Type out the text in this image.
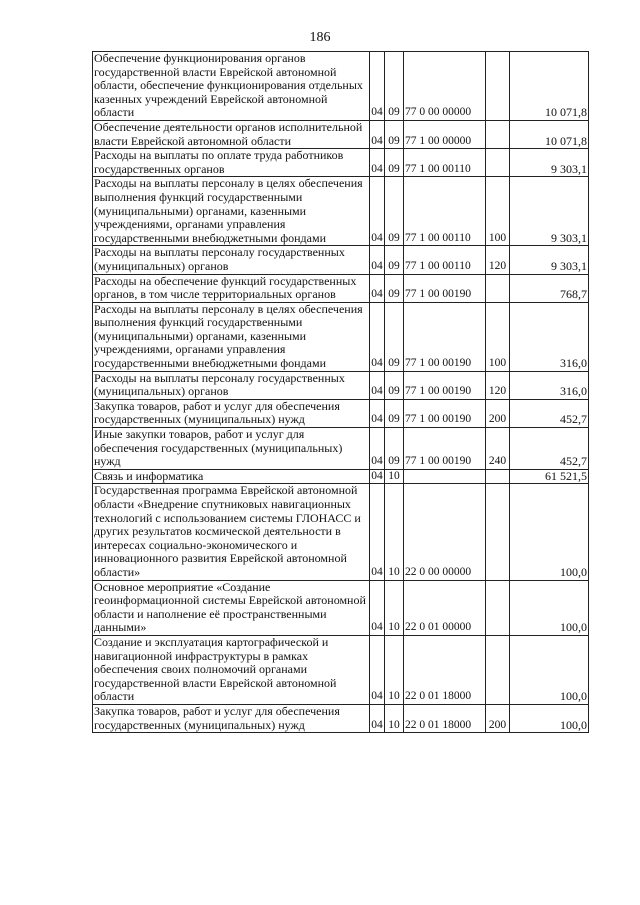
186
Обеспечение функционирования органов государственной власти Еврейской автономной области, обеспечение функционирования отдельных казенных учреждений Еврейской автономной области	04	09	77 0 00 00000		10 071,8
Обеспечение деятельности органов исполнительной власти Еврейской автономной области	04	09	77 1 00 00000		10 071,8
Расходы на выплаты по оплате труда работников государственных органов	04	09	77 1 00 00110		9 303,1
Расходы на выплаты персоналу в целях обеспечения выполнения функций государственными (муниципальными) органами, казенными учреждениями, органами управления государственными внебюджетными фондами	04	09	77 1 00 00110	100	9 303,1
Расходы на выплаты персоналу государственных (муниципальных) органов	04	09	77 1 00 00110	120	9 303,1
Расходы на обеспечение функций государственных органов, в том числе территориальных органов	04	09	77 1 00 00190		768,7
Расходы на выплаты персоналу в целях обеспечения выполнения функций государственными (муниципальными) органами, казенными учреждениями, органами управления государственными внебюджетными фондами	04	09	77 1 00 00190	100	316,0
Расходы на выплаты персоналу государственных (муниципальных) органов	04	09	77 1 00 00190	120	316,0
Закупка товаров, работ и услуг для обеспечения государственных (муниципальных) нужд	04	09	77 1 00 00190	200	452,7
Иные закупки товаров, работ и услуг для обеспечения государственных (муниципальных) нужд	04	09	77 1 00 00190	240	452,7
Связь и информатика	04	10			61 521,5
Государственная программа Еврейской автономной области «Внедрение спутниковых навигационных технологий с использованием системы ГЛОНАСС и других результатов космической деятельности в интересах социально-экономического и инновационного развития Еврейской автономной области»	04	10	22 0 00 00000		100,0
Основное мероприятие «Создание геоинформационной системы Еврейской автономной области и наполнение её пространственными данными»	04	10	22 0 01 00000		100,0
Создание и эксплуатация картографической и навигационной инфраструктуры в рамках обеспечения своих полномочий органами государственной власти Еврейской автономной области	04	10	22 0 01 18000		100,0
Закупка товаров, работ и услуг для обеспечения государственных (муниципальных) нужд	04	10	22 0 01 18000	200	100,0
